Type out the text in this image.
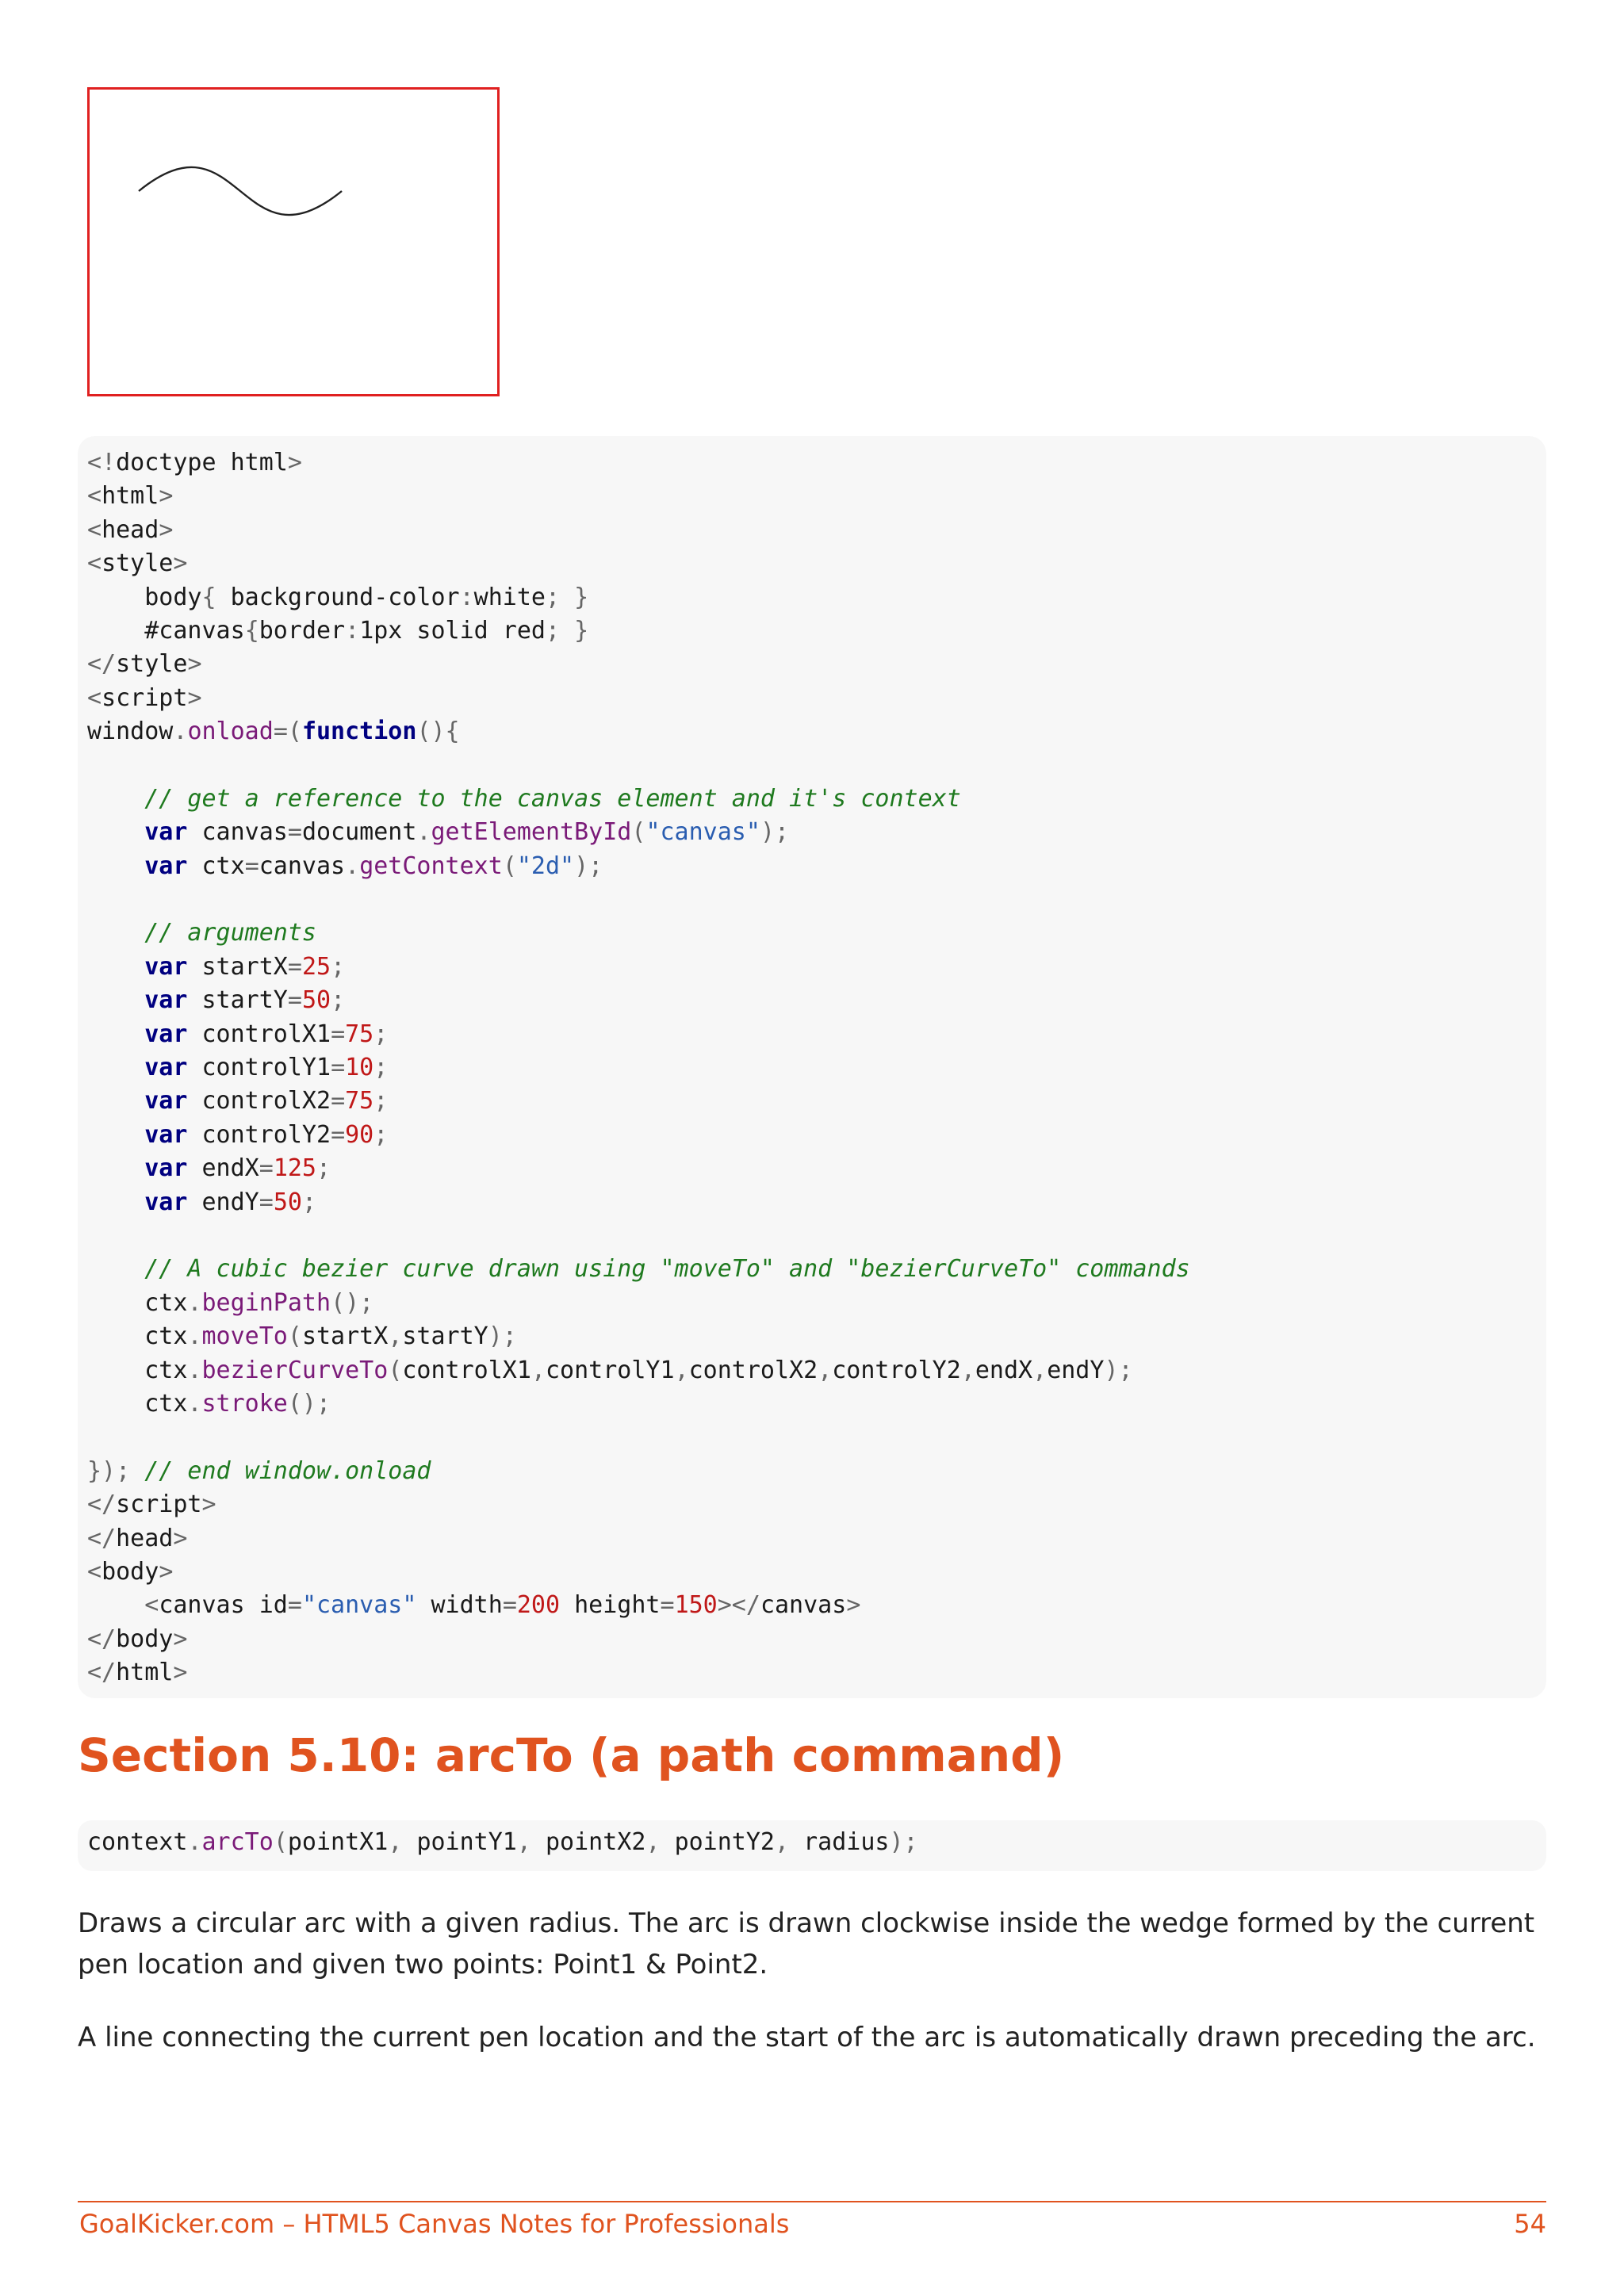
<!doctype html>
<html>
<head>
<style>
body{ background-color:white; }
#canvas{border:1px solid red; }
</style>
<script>
window.onload=(function(){
// get a reference to the canvas element and it's context
var canvas=document.getElementById("canvas");
var ctx=canvas.getContext("2d");
// arguments
var startX=25;
var startY=50;
var controlX1=75;
var controlY1=10;
var controlX2=75;
var controlY2=90;
var endX=125;
var endY=50;
// A cubic bezier curve drawn using "moveTo" and "bezierCurveTo" commands
ctx.beginPath();
ctx.moveTo(startX,startY);
ctx.bezierCurveTo(controlX1,controlY1,controlX2,controlY2,endX,endY);
ctx.stroke();
}); // end window.onload
</script>
</head>
<body>
<canvas id="canvas" width=200 height=150></canvas>
</body>
</html>
Section 5.10: arcTo (a path command)
context.arcTo(pointX1, pointY1, pointX2, pointY2, radius);

Draws a circular arc with a given radius. The arc is drawn clockwise inside the wedge formed by the current pen location and given two points: Point1 & Point2.

A line connecting the current pen location and the start of the arc is automatically drawn preceding the arc.

GoalKicker.com – HTML5 Canvas Notes for Professionals	54
